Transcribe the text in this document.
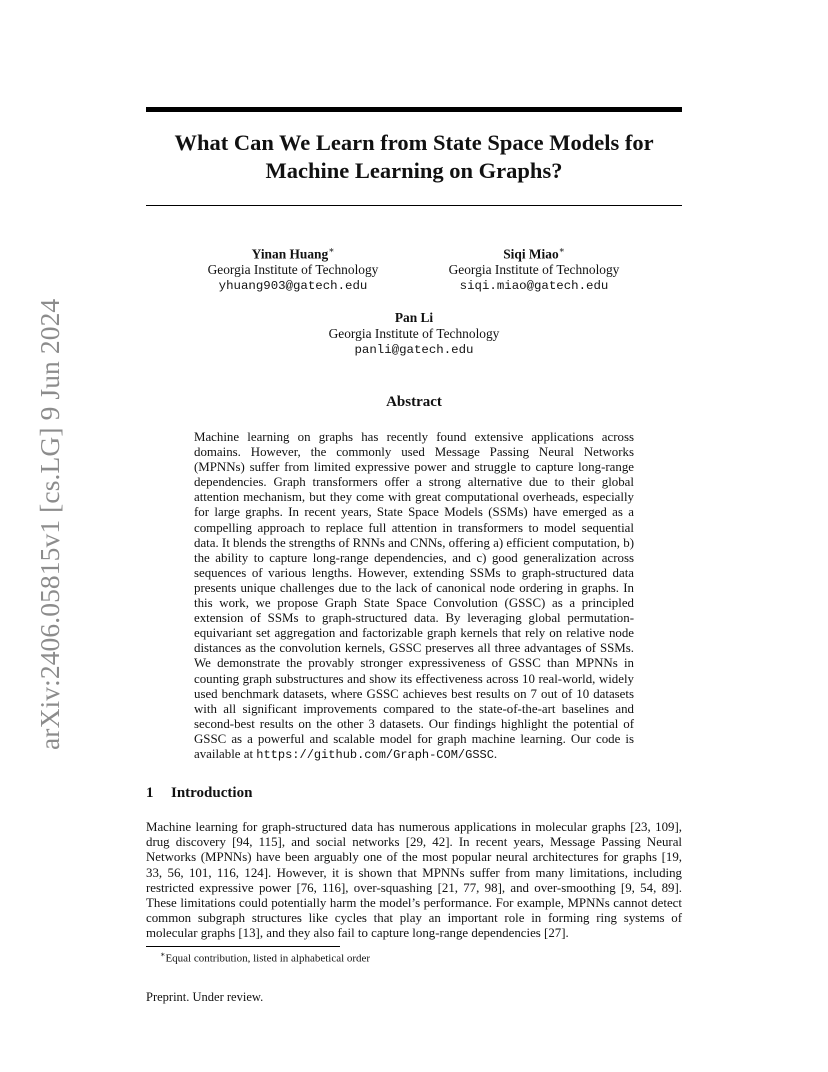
arXiv:2406.05815v1 [cs.LG] 9 Jun 2024
What Can We Learn from State Space Models for
Machine Learning on Graphs?
Yinan Huang∗
Georgia Institute of Technology
yhuang903@gatech.edu
Siqi Miao∗
Georgia Institute of Technology
siqi.miao@gatech.edu
Pan Li
Georgia Institute of Technology
panli@gatech.edu
Abstract
Machine learning on graphs has recently found extensive applications across domains. However, the commonly used Message Passing Neural Networks (MPNNs) suffer from limited expressive power and struggle to capture long-range dependencies. Graph transformers offer a strong alternative due to their global attention mechanism, but they come with great computational overheads, especially for large graphs. In recent years, State Space Models (SSMs) have emerged as a compelling approach to replace full attention in transformers to model sequential data. It blends the strengths of RNNs and CNNs, offering a) efficient computation, b) the ability to capture long-range dependencies, and c) good generalization across sequences of various lengths. However, extending SSMs to graph-structured data presents unique challenges due to the lack of canonical node ordering in graphs. In this work, we propose Graph State Space Convolution (GSSC) as a principled extension of SSMs to graph-structured data. By leveraging global permutation-equivariant set aggregation and factorizable graph kernels that rely on relative node distances as the convolution kernels, GSSC preserves all three advantages of SSMs. We demonstrate the provably stronger expressiveness of GSSC than MPNNs in counting graph substructures and show its effectiveness across 10 real-world, widely used benchmark datasets, where GSSC achieves best results on 7 out of 10 datasets with all significant improvements compared to the state-of-the-art baselines and second-best results on the other 3 datasets. Our findings highlight the potential of GSSC as a powerful and scalable model for graph machine learning. Our code is available at https://github.com/Graph-COM/GSSC.
1 Introduction
Machine learning for graph-structured data has numerous applications in molecular graphs [23, 109], drug discovery [94, 115], and social networks [29, 42]. In recent years, Message Passing Neural Networks (MPNNs) have been arguably one of the most popular neural architectures for graphs [19, 33, 56, 101, 116, 124]. However, it is shown that MPNNs suffer from many limitations, including restricted expressive power [76, 116], over-squashing [21, 77, 98], and over-smoothing [9, 54, 89]. These limitations could potentially harm the model’s performance. For example, MPNNs cannot detect common subgraph structures like cycles that play an important role in forming ring systems of molecular graphs [13], and they also fail to capture long-range dependencies [27].
∗Equal contribution, listed in alphabetical order
Preprint. Under review.
